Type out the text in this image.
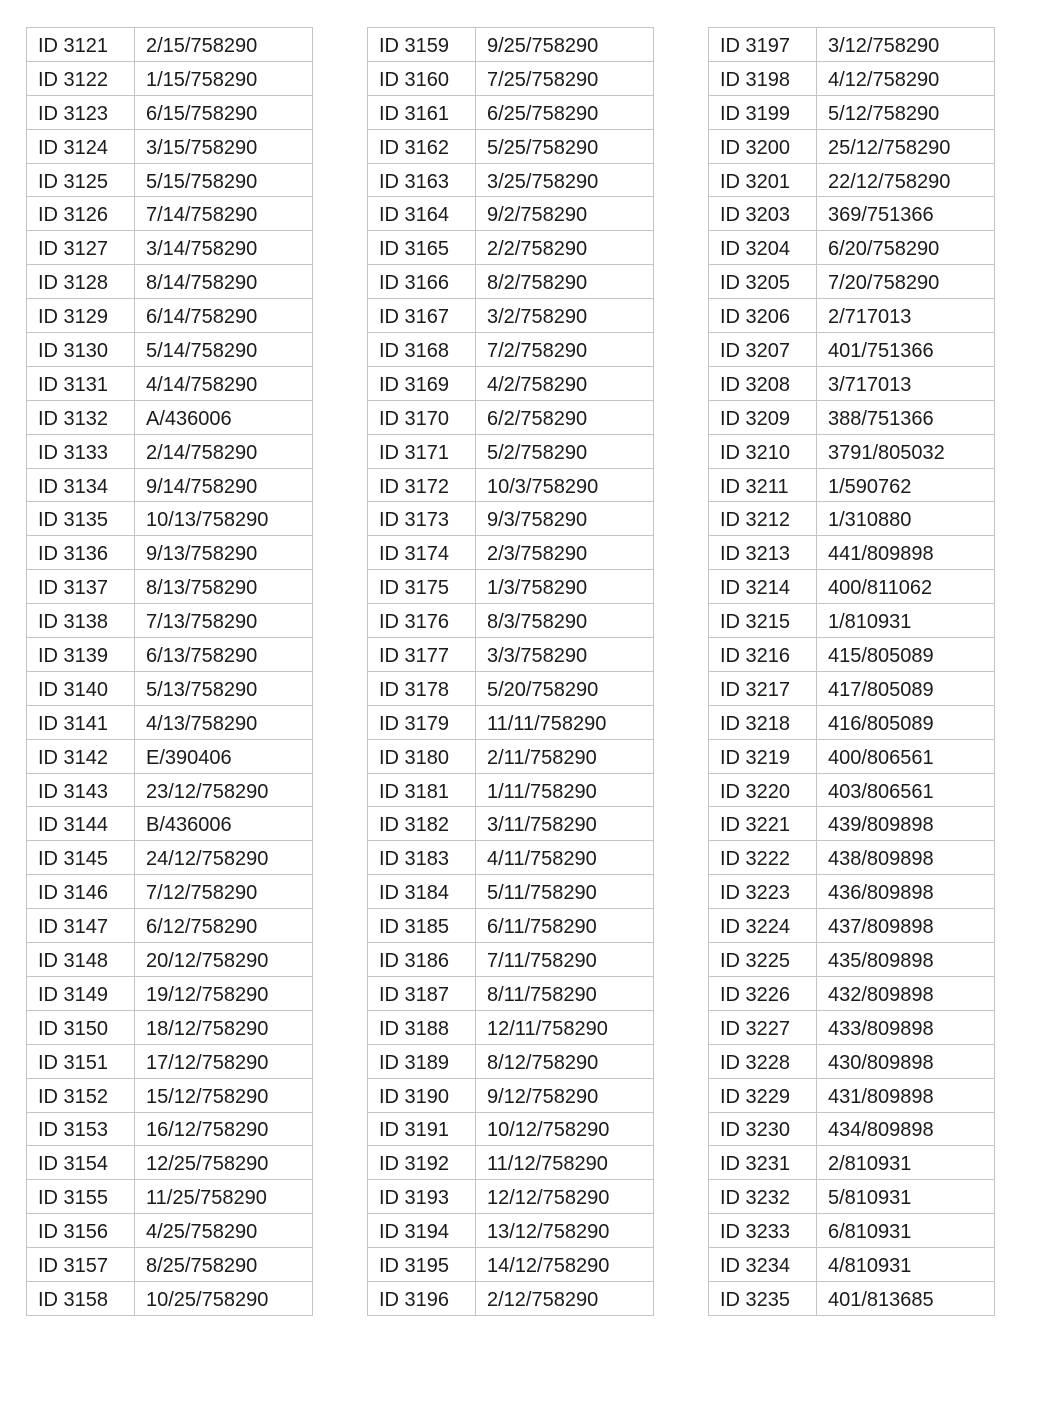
ID 3121	2/15/758290
ID 3122	1/15/758290
ID 3123	6/15/758290
ID 3124	3/15/758290
ID 3125	5/15/758290
ID 3126	7/14/758290
ID 3127	3/14/758290
ID 3128	8/14/758290
ID 3129	6/14/758290
ID 3130	5/14/758290
ID 3131	4/14/758290
ID 3132	A/436006
ID 3133	2/14/758290
ID 3134	9/14/758290
ID 3135	10/13/758290
ID 3136	9/13/758290
ID 3137	8/13/758290
ID 3138	7/13/758290
ID 3139	6/13/758290
ID 3140	5/13/758290
ID 3141	4/13/758290
ID 3142	E/390406
ID 3143	23/12/758290
ID 3144	B/436006
ID 3145	24/12/758290
ID 3146	7/12/758290
ID 3147	6/12/758290
ID 3148	20/12/758290
ID 3149	19/12/758290
ID 3150	18/12/758290
ID 3151	17/12/758290
ID 3152	15/12/758290
ID 3153	16/12/758290
ID 3154	12/25/758290
ID 3155	11/25/758290
ID 3156	4/25/758290
ID 3157	8/25/758290
ID 3158	10/25/758290
ID 3159	9/25/758290
ID 3160	7/25/758290
ID 3161	6/25/758290
ID 3162	5/25/758290
ID 3163	3/25/758290
ID 3164	9/2/758290
ID 3165	2/2/758290
ID 3166	8/2/758290
ID 3167	3/2/758290
ID 3168	7/2/758290
ID 3169	4/2/758290
ID 3170	6/2/758290
ID 3171	5/2/758290
ID 3172	10/3/758290
ID 3173	9/3/758290
ID 3174	2/3/758290
ID 3175	1/3/758290
ID 3176	8/3/758290
ID 3177	3/3/758290
ID 3178	5/20/758290
ID 3179	11/11/758290
ID 3180	2/11/758290
ID 3181	1/11/758290
ID 3182	3/11/758290
ID 3183	4/11/758290
ID 3184	5/11/758290
ID 3185	6/11/758290
ID 3186	7/11/758290
ID 3187	8/11/758290
ID 3188	12/11/758290
ID 3189	8/12/758290
ID 3190	9/12/758290
ID 3191	10/12/758290
ID 3192	11/12/758290
ID 3193	12/12/758290
ID 3194	13/12/758290
ID 3195	14/12/758290
ID 3196	2/12/758290
ID 3197	3/12/758290
ID 3198	4/12/758290
ID 3199	5/12/758290
ID 3200	25/12/758290
ID 3201	22/12/758290
ID 3203	369/751366
ID 3204	6/20/758290
ID 3205	7/20/758290
ID 3206	2/717013
ID 3207	401/751366
ID 3208	3/717013
ID 3209	388/751366
ID 3210	3791/805032
ID 3211	1/590762
ID 3212	1/310880
ID 3213	441/809898
ID 3214	400/811062
ID 3215	1/810931
ID 3216	415/805089
ID 3217	417/805089
ID 3218	416/805089
ID 3219	400/806561
ID 3220	403/806561
ID 3221	439/809898
ID 3222	438/809898
ID 3223	436/809898
ID 3224	437/809898
ID 3225	435/809898
ID 3226	432/809898
ID 3227	433/809898
ID 3228	430/809898
ID 3229	431/809898
ID 3230	434/809898
ID 3231	2/810931
ID 3232	5/810931
ID 3233	6/810931
ID 3234	4/810931
ID 3235	401/813685
